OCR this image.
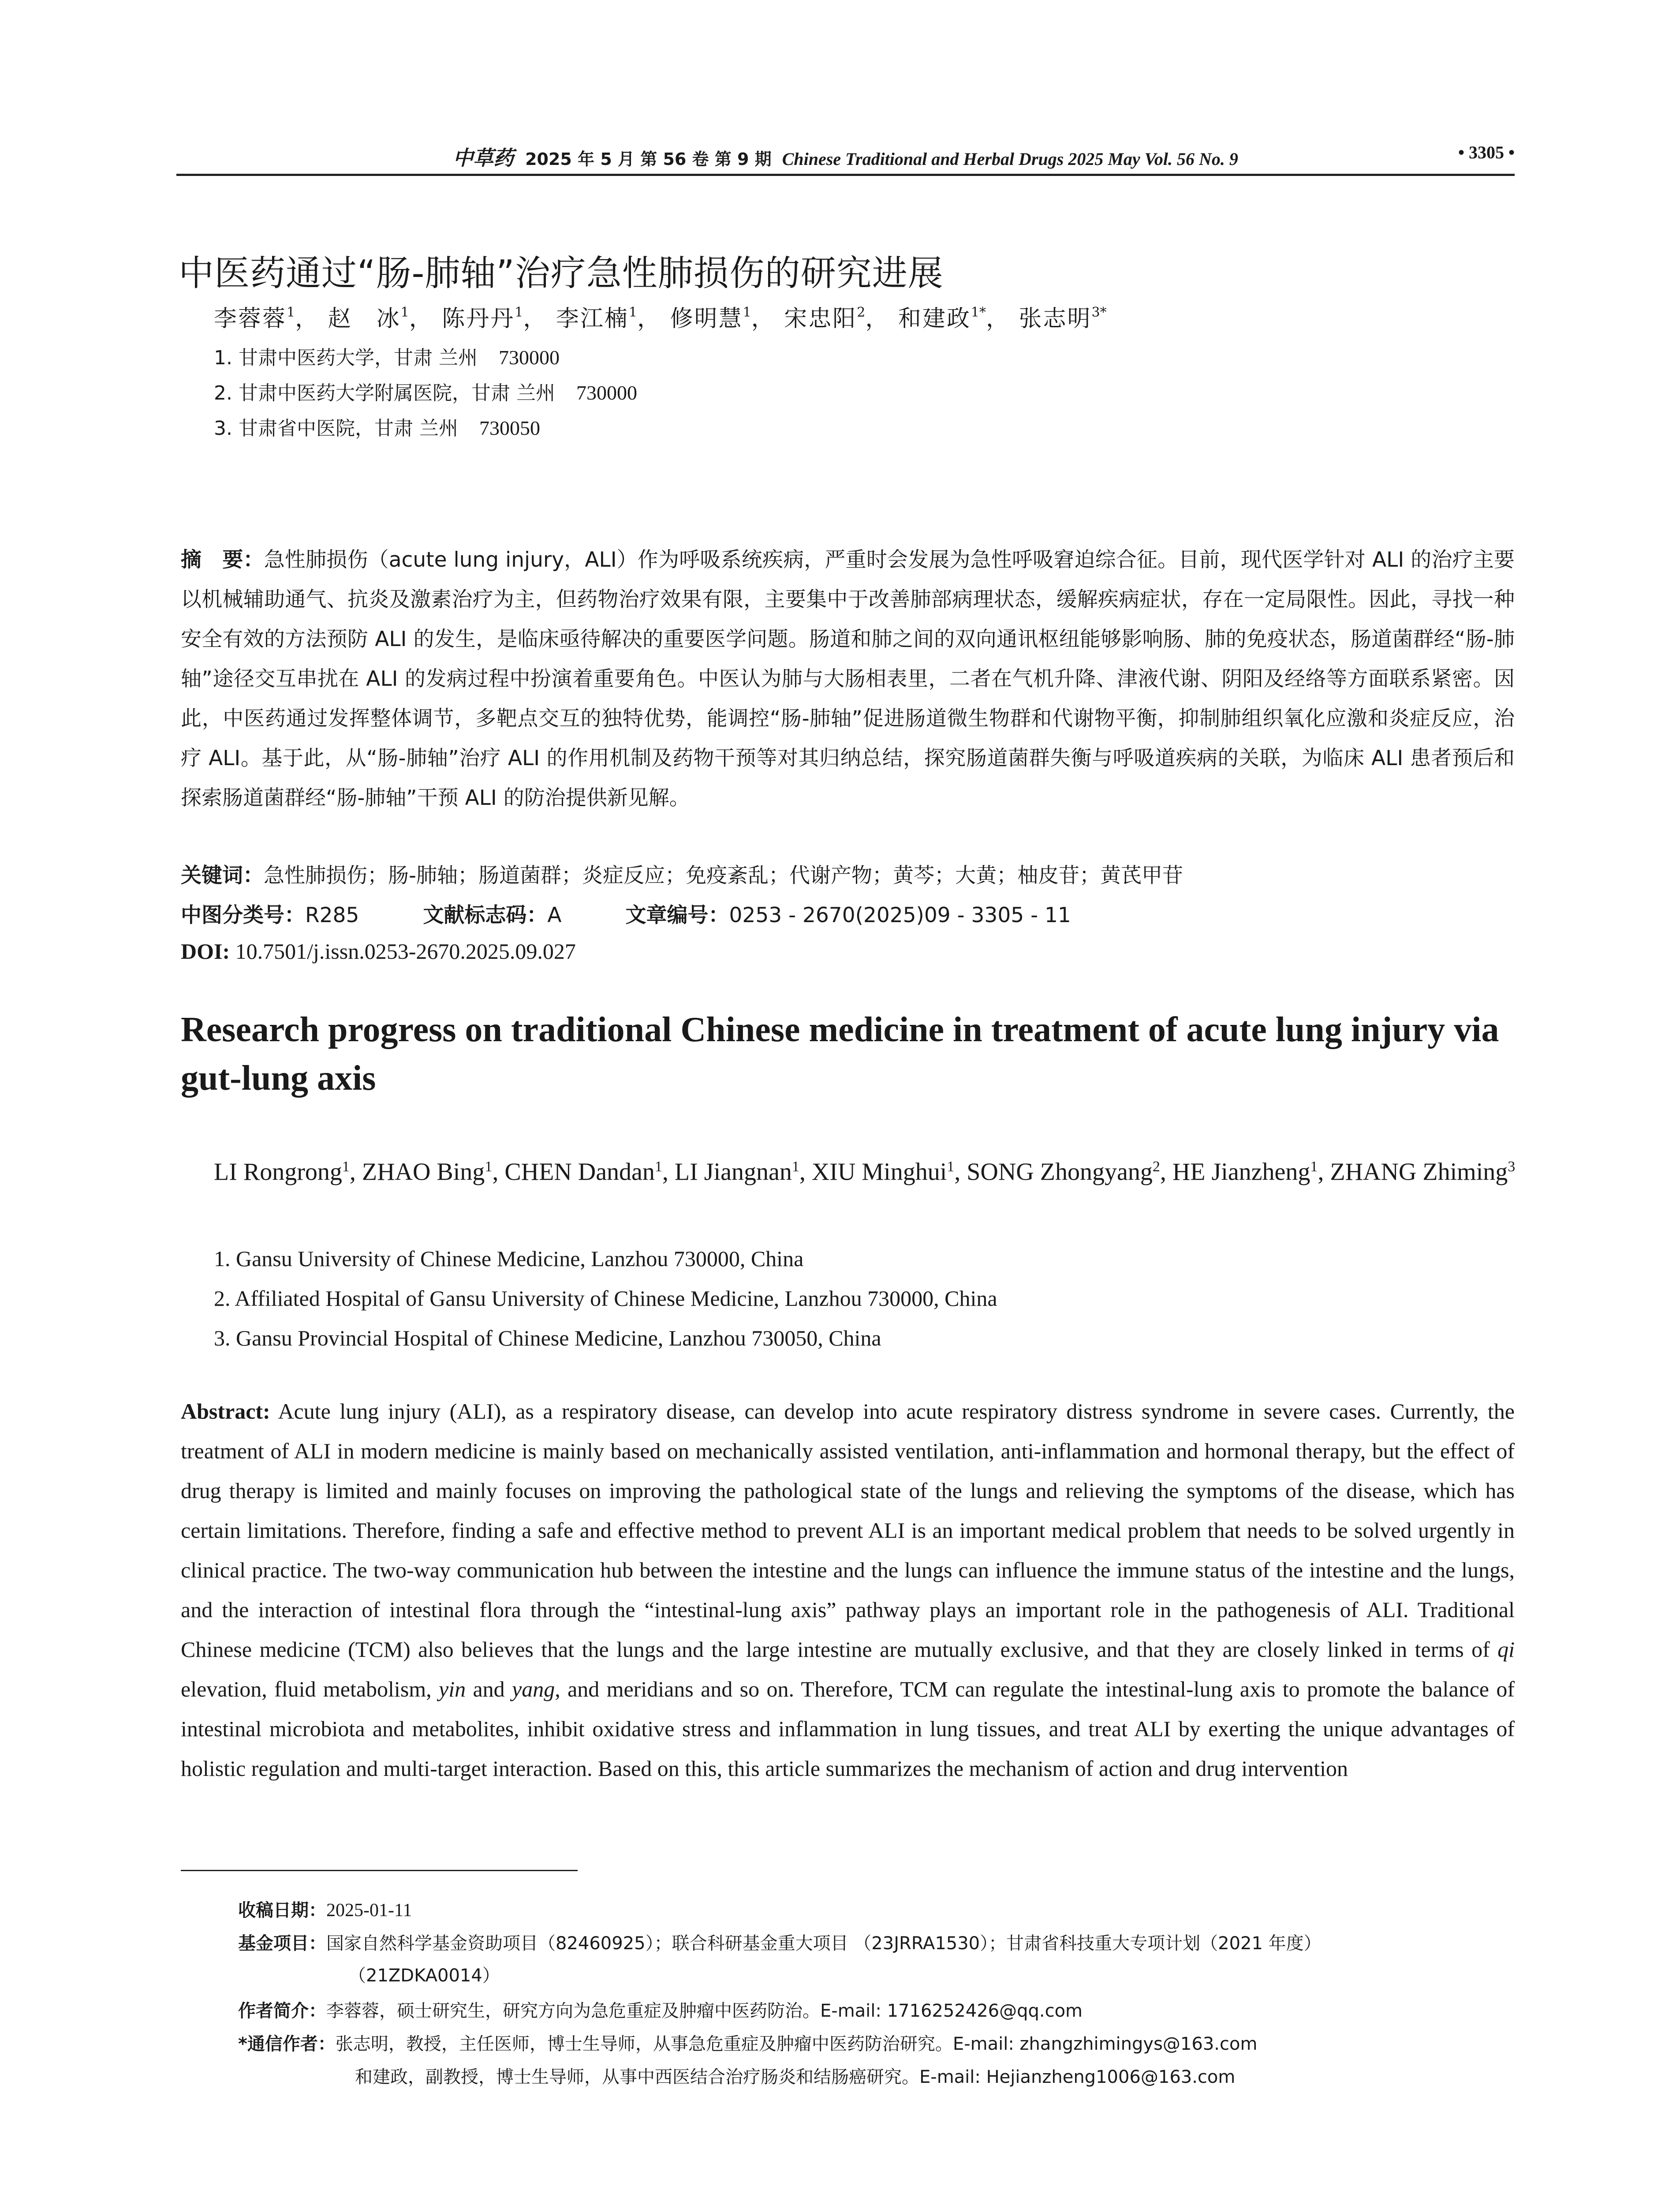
中草药 2025 年 5 月 第 56 卷 第 9 期 Chinese Traditional and Herbal Drugs 2025 May Vol. 56 No. 9	• 3305 •
中医药通过“肠-肺轴”治疗急性肺损伤的研究进展
李蓉蓉$^1$， 赵　冰$^1$， 陈丹丹$^1$， 李江楠$^1$， 修明慧$^1$， 宋忠阳$^2$， 和建政$^{1*}$， 张志明$^{3*}$
1. 甘肃中医药大学，甘肃 兰州 730000
2. 甘肃中医药大学附属医院，甘肃 兰州 730000
3. 甘肃省中医院，甘肃 兰州 730050
摘　要：急性肺损伤（acute lung injury，ALI）作为呼吸系统疾病，严重时会发展为急性呼吸窘迫综合征。目前，现代医学针对 ALI 的治疗主要以机械辅助通气、抗炎及激素治疗为主，但药物治疗效果有限，主要集中于改善肺部病理状态，缓解疾病症状，存在一定局限性。因此，寻找一种安全有效的方法预防 ALI 的发生，是临床亟待解决的重要医学问题。肠道和肺之间的双向通讯枢纽能够影响肠、肺的免疫状态，肠道菌群经“肠-肺轴”途径交互串扰在 ALI 的发病过程中扮演着重要角色。中医认为肺与大肠相表里，二者在气机升降、津液代谢、阴阳及经络等方面联系紧密。因此，中医药通过发挥整体调节，多靶点交互的独特优势，能调控“肠-肺轴”促进肠道微生物群和代谢物平衡，抑制肺组织氧化应激和炎症反应，治疗 ALI。基于此，从“肠-肺轴”治疗 ALI 的作用机制及药物干预等对其归纳总结，探究肠道菌群失衡与呼吸道疾病的关联，为临床 ALI 患者预后和探索肠道菌群经“肠-肺轴”干预 ALI 的防治提供新见解。
关键词：急性肺损伤；肠-肺轴；肠道菌群；炎症反应；免疫紊乱；代谢产物；黄芩；大黄；柚皮苷；黄芪甲苷
中图分类号：R285	文献标志码：A	文章编号：0253 - 2670(2025)09 - 3305 - 11
DOI: 10.7501/j.issn.0253-2670.2025.09.027
Research progress on traditional Chinese medicine in treatment of acute lung injury via gut-lung axis
LI Rongrong$^1$, ZHAO Bing$^1$, CHEN Dandan$^1$, LI Jiangnan$^1$, XIU Minghui$^1$, SONG Zhongyang$^2$, HE Jianzheng$^1$, ZHANG Zhiming$^3$
1. Gansu University of Chinese Medicine, Lanzhou 730000, China
2. Affiliated Hospital of Gansu University of Chinese Medicine, Lanzhou 730000, China
3. Gansu Provincial Hospital of Chinese Medicine, Lanzhou 730050, China
Abstract: Acute lung injury (ALI), as a respiratory disease, can develop into acute respiratory distress syndrome in severe cases. Currently, the treatment of ALI in modern medicine is mainly based on mechanically assisted ventilation, anti-inflammation and hormonal therapy, but the effect of drug therapy is limited and mainly focuses on improving the pathological state of the lungs and relieving the symptoms of the disease, which has certain limitations. Therefore, finding a safe and effective method to prevent ALI is an important medical problem that needs to be solved urgently in clinical practice. The two-way communication hub between the intestine and the lungs can influence the immune status of the intestine and the lungs, and the interaction of intestinal flora through the “intestinal-lung axis” pathway plays an important role in the pathogenesis of ALI. Traditional Chinese medicine (TCM) also believes that the lungs and the large intestine are mutually exclusive, and that they are closely linked in terms of qi elevation, fluid metabolism, yin and yang, and meridians and so on. Therefore, TCM can regulate the intestinal-lung axis to promote the balance of intestinal microbiota and metabolites, inhibit oxidative stress and inflammation in lung tissues, and treat ALI by exerting the unique advantages of holistic regulation and multi-target interaction. Based on this, this article summarizes the mechanism of action and drug intervention
收稿日期：2025-01-11
基金项目：国家自然科学基金资助项目（82460925）；联合科研基金重大项目 （23JRRA1530）；甘肃省科技重大专项计划（2021 年度）
（21ZDKA0014）
作者简介：李蓉蓉，硕士研究生，研究方向为急危重症及肿瘤中医药防治。E-mail: 1716252426@qq.com
*通信作者：张志明，教授，主任医师，博士生导师，从事急危重症及肿瘤中医药防治研究。E-mail: zhangzhimingys@163.com
和建政，副教授，博士生导师，从事中西医结合治疗肠炎和结肠癌研究。E-mail: Hejianzheng1006@163.com
